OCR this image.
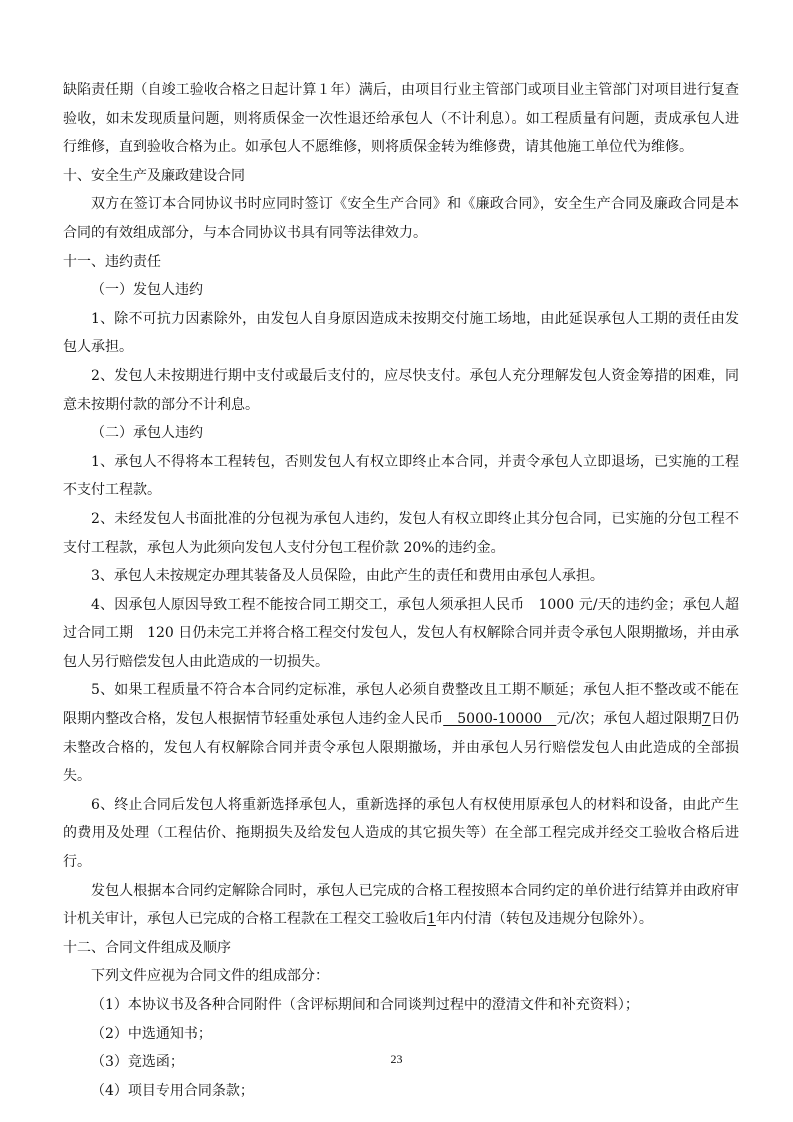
缺陷责任期（自竣工验收合格之日起计算１年）满后，由项目行业主管部门或项目业主管部门对项目进行复查验收，如未发现质量问题，则将质保金一次性退还给承包人（不计利息）。如工程质量有问题，责成承包人进行维修，直到验收合格为止。如承包人不愿维修，则将质保金转为维修费，请其他施工单位代为维修。

十、安全生产及廉政建设合同

双方在签订本合同协议书时应同时签订《安全生产合同》和《廉政合同》，安全生产合同及廉政合同是本合同的有效组成部分，与本合同协议书具有同等法律效力。

十一、违约责任

（一）发包人违约

1、除不可抗力因素除外，由发包人自身原因造成未按期交付施工场地，由此延误承包人工期的责任由发包人承担。

2、发包人未按期进行期中支付或最后支付的，应尽快支付。承包人充分理解发包人资金筹措的困难，同意未按期付款的部分不计利息。

（二）承包人违约

1、承包人不得将本工程转包，否则发包人有权立即终止本合同，并责令承包人立即退场，已实施的工程不支付工程款。

2、未经发包人书面批准的分包视为承包人违约，发包人有权立即终止其分包合同，已实施的分包工程不支付工程款，承包人为此须向发包人支付分包工程价款 20%的违约金。

3、承包人未按规定办理其装备及人员保险，由此产生的责任和费用由承包人承担。

4、因承包人原因导致工程不能按合同工期交工，承包人须承担人民币　1000 元/天的违约金；承包人超过合同工期　120 日仍未完工并将合格工程交付发包人，发包人有权解除合同并责令承包人限期撤场，并由承包人另行赔偿发包人由此造成的一切损失。

5、如果工程质量不符合本合同约定标准，承包人必须自费整改且工期不顺延；承包人拒不整改或不能在限期内整改合格，发包人根据情节轻重处承包人违约金人民币　5000-10000　元/次；承包人超过限期7日仍未整改合格的，发包人有权解除合同并责令承包人限期撤场，并由承包人另行赔偿发包人由此造成的全部损失。

6、终止合同后发包人将重新选择承包人，重新选择的承包人有权使用原承包人的材料和设备，由此产生的费用及处理（工程估价、拖期损失及给发包人造成的其它损失等）在全部工程完成并经交工验收合格后进行。

发包人根据本合同约定解除合同时，承包人已完成的合格工程按照本合同约定的单价进行结算并由政府审计机关审计，承包人已完成的合格工程款在工程交工验收后1年内付清（转包及违规分包除外）。

十二、合同文件组成及顺序

下列文件应视为合同文件的组成部分：

（1）本协议书及各种合同附件（含评标期间和合同谈判过程中的澄清文件和补充资料）；

（2）中选通知书；

（3）竞选函；

（4）项目专用合同条款；

23
